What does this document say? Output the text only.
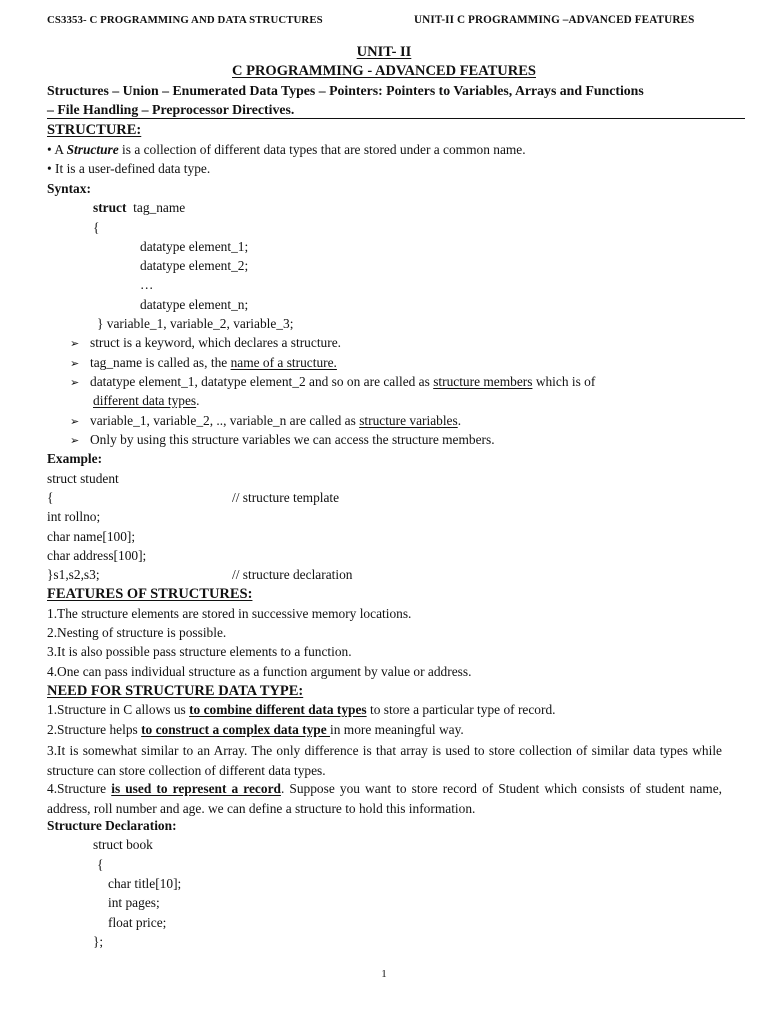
CS3353- C PROGRAMMING AND DATA STRUCTURES	UNIT-II C PROGRAMMING –ADVANCED FEATURES
UNIT- II
C PROGRAMMING - ADVANCED FEATURES
Structures – Union – Enumerated Data Types – Pointers: Pointers to Variables, Arrays and Functions
– File Handling – Preprocessor Directives.
STRUCTURE:
• A Structure is a collection of different data types that are stored under a common name.
• It is a user-defined data type.
Syntax:
struct  tag_name
{
datatype element_1;
datatype element_2;
…
datatype element_n;
} variable_1, variable_2, variable_3;
➢ struct is a keyword, which declares a structure.
➢ tag_name is called as, the name of a structure.
➢ datatype element_1, datatype element_2 and so on are called as structure members which is of
different data types.
➢ variable_1, variable_2, .., variable_n are called as structure variables.
➢ Only by using this structure variables we can access the structure members.
Example:
struct student
{	// structure template
int rollno;
char name[100];
char address[100];
}s1,s2,s3;	// structure declaration
FEATURES OF STRUCTURES:
1.The structure elements are stored in successive memory locations.
2.Nesting of structure is possible.
3.It is also possible pass structure elements to a function.
4.One can pass individual structure as a function argument by value or address.
NEED FOR STRUCTURE DATA TYPE:
1.Structure in C allows us to combine different data types to store a particular type of record.
2.Structure helps to construct a complex data type in more meaningful way.
3.It is somewhat similar to an Array. The only difference is that array is used to store collection of similar data types while structure can store collection of different data types.
4.Structure is used to represent a record. Suppose you want to store record of Student which consists of student name, address, roll number and age. we can define a structure to hold this information.
Structure Declaration:
struct book
{
char title[10];
int pages;
float price;
};
1
